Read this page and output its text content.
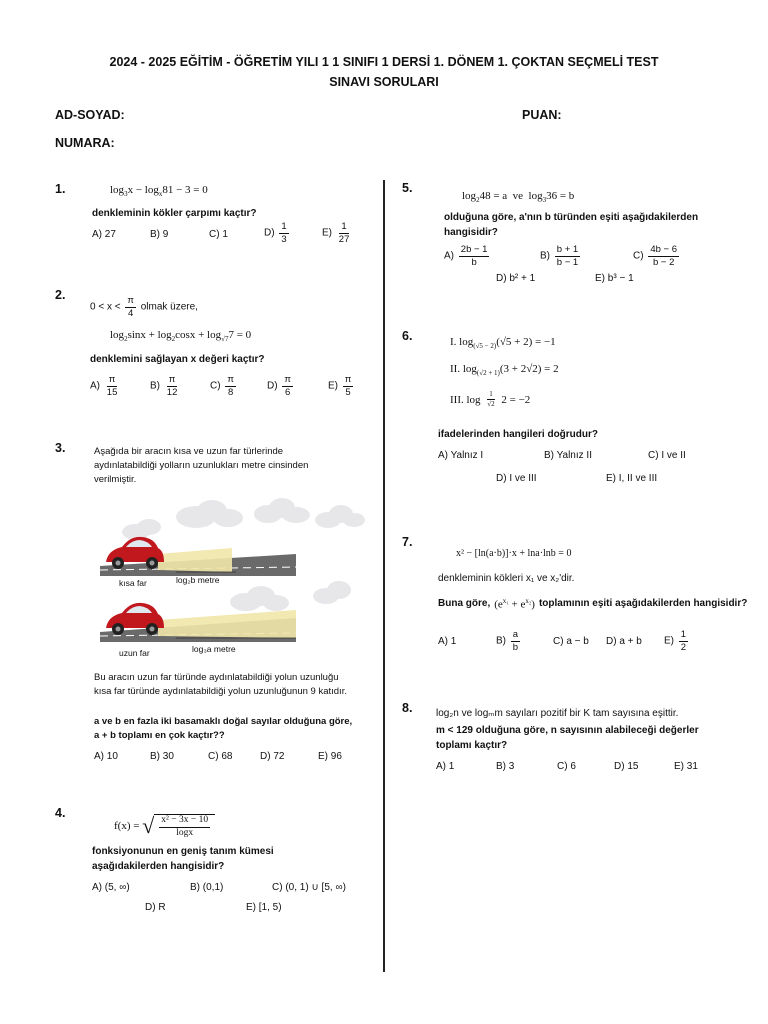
2024 - 2025 EĞİTİM - ÖĞRETİM YILI 1 1 SINIFI 1 DERSİ 1. DÖNEM 1. ÇOKTAN SEÇMELİ TEST
SINAVI SORULARI
AD-SOYAD:	PUAN:
NUMARA:
1.	$\log_3x - \log_x81 - 3 = 0$
denkleminin kökler çarpımı kaçtır?
A) 27	B) 9	C) 1	$D) \frac{1}{3}$	$E) \frac{1}{27}$
2.
$0 < x < \frac{\pi}{4}$ olmak üzere,
$\log_2\sin x + \log_2\cos x + \log_{√7}7 = 0$
denklemini sağlayan x değeri kaçtır?
$A) \frac{\pi}{15}$	$B) \frac{\pi}{12}$	$C) \frac{\pi}{8}$	$D) \frac{\pi}{6}$	$E) \frac{\pi}{5}$
3.	Aşağıda bir aracın kısa ve uzun far türlerinde aydınlatabildiği yolların uzunlukları metre cinsinden verilmiştir.
kısa far	log₂b metre
uzun far	log₃a metre
Bu aracın uzun far türünde aydınlatabildiği yolun uzunluğu kısa far türünde aydınlatabildiği yolun uzunluğunun 9 katıdır.
a ve b en fazla iki basamaklı doğal sayılar olduğuna göre, a + b toplamı en çok kaçtır??
A) 10	B) 30	C) 68	D) 72	E) 96
4.
f(x) = √ $\frac{\text{x² − 3x − 10}}{\log x}$
fonksiyonunun en geniş tanım kümesi aşağıdakilerden hangisidir?
A) (5, ∞)	B) (0,1)	C) (0, 1) ∪ [5, ∞)
D) R	E) [1, 5)
5.
$\log_248 = a$  ve  $\log_336 = b$
olduğuna göre, a'nın b türünden eşiti aşağıdakilerden hangisidir?
$A) \frac{2b - 1}{b}$	$B) \frac{b + 1}{b - 1}$	$C) \frac{4b - 6}{b - 2}$
D) b² + 1	E) b³ − 1
6.	I. $\log_{(√5 - 2)}(√5 + 2) = -1$
II. $\log_{(√2 + 1)}(3 + 2√2) = 2$
III. $\log \frac{1}{√2} 2 = -2$
ifadelerinden hangileri doğrudur?
A) Yalnız I	B) Yalnız II	C) I ve II
D) I ve III	E) I, II ve III
7.
x² − [ln(a·b)]·x + lna·lnb = 0
denkleminin kökleri x₁ ve x₂'dir.
Buna göre, $(e^{x_1} + e^{x_2})$ toplamının eşiti aşağıdakilerden hangisidir?
A) 1	$B) \frac{a}{b}$	C) a − b D) a + b $E) \frac{1}{2}$
8. log₂n ve logₘm sayıları pozitif bir K tam sayısına eşittir.
m < 129 olduğuna göre, n sayısının alabileceği değerler toplamı kaçtır?
A) 1	B) 3	C) 6	D) 15	E) 31
